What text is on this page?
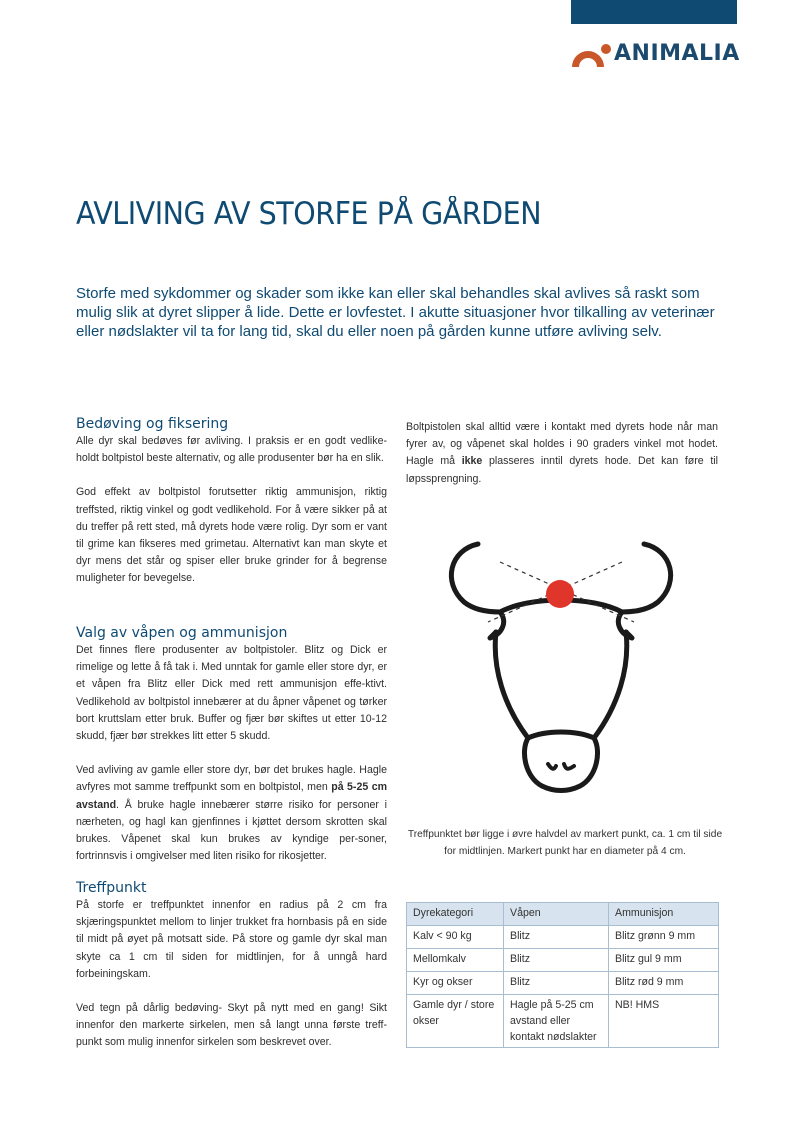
ANIMALIA
AVLIVING AV STORFE PÅ GÅRDEN

Storfe med sykdommer og skader som ikke kan eller skal behandles skal avlives så raskt som mulig slik at dyret slipper å lide. Dette er lovfestet. I akutte situasjoner hvor tilkalling av veterinær eller nødslakter vil ta for lang tid, skal du eller noen på gården kunne utføre avliving selv.

Bedøving og fiksering

Alle dyr skal bedøves før avliving. I praksis er en godt vedlike-holdt boltpistol beste alternativ, og alle produsenter bør ha en slik.

God effekt av boltpistol forutsetter riktig ammunisjon, riktig treffsted, riktig vinkel og godt vedlikehold. For å være sikker på at du treffer på rett sted, må dyrets hode være rolig. Dyr som er vant til grime kan fikseres med grimetau. Alternativt kan man skyte et dyr mens det står og spiser eller bruke grinder for å begrense muligheter for bevegelse.

Valg av våpen og ammunisjon

Det finnes flere produsenter av boltpistoler. Blitz og Dick er rimelige og lette å få tak i. Med unntak for gamle eller store dyr, er et våpen fra Blitz eller Dick med rett ammunisjon effe-ktivt. Vedlikehold av boltpistol innebærer at du åpner våpenet og tørker bort kruttslam etter bruk. Buffer og fjær bør skiftes ut etter 10-12 skudd, fjær bør strekkes litt etter 5 skudd.

Ved avliving av gamle eller store dyr, bør det brukes hagle. Hagle avfyres mot samme treffpunkt som en boltpistol, men på 5-25 cm avstand. Å bruke hagle innebærer større risiko for personer i nærheten, og hagl kan gjenfinnes i kjøttet dersom skrotten skal brukes. Våpenet skal kun brukes av kyndige per-soner, fortrinnsvis i omgivelser med liten risiko for rikosjetter.

Treffpunkt

På storfe er treffpunktet innenfor en radius på 2 cm fra skjæringspunktet mellom to linjer trukket fra hornbasis på en side til midt på øyet på motsatt side. På store og gamle dyr skal man skyte ca 1 cm til siden for midtlinjen, for å unngå hard forbeiningskam.

Ved tegn på dårlig bedøving- Skyt på nytt med en gang! Sikt innenfor den markerte sirkelen, men så langt unna første treff-punkt som mulig innenfor sirkelen som beskrevet over.

Boltpistolen skal alltid være i kontakt med dyrets hode når man fyrer av, og våpenet skal holdes i 90 graders vinkel mot hodet. Hagle må ikke plasseres inntil dyrets hode. Det kan føre til løpssprengning.

Treffpunktet bør ligge i øvre halvdel av markert punkt, ca. 1 cm til side for midtlinjen. Markert punkt har en diameter på 4 cm.

Dyrekategori	Våpen	Ammunisjon
Kalv < 90 kg	Blitz	Blitz grønn 9 mm
Mellomkalv	Blitz	Blitz gul 9 mm
Kyr og okser	Blitz	Blitz rød 9 mm
Gamle dyr / store okser	Hagle på 5-25 cm avstand eller kontakt nødslakter	NB! HMS
